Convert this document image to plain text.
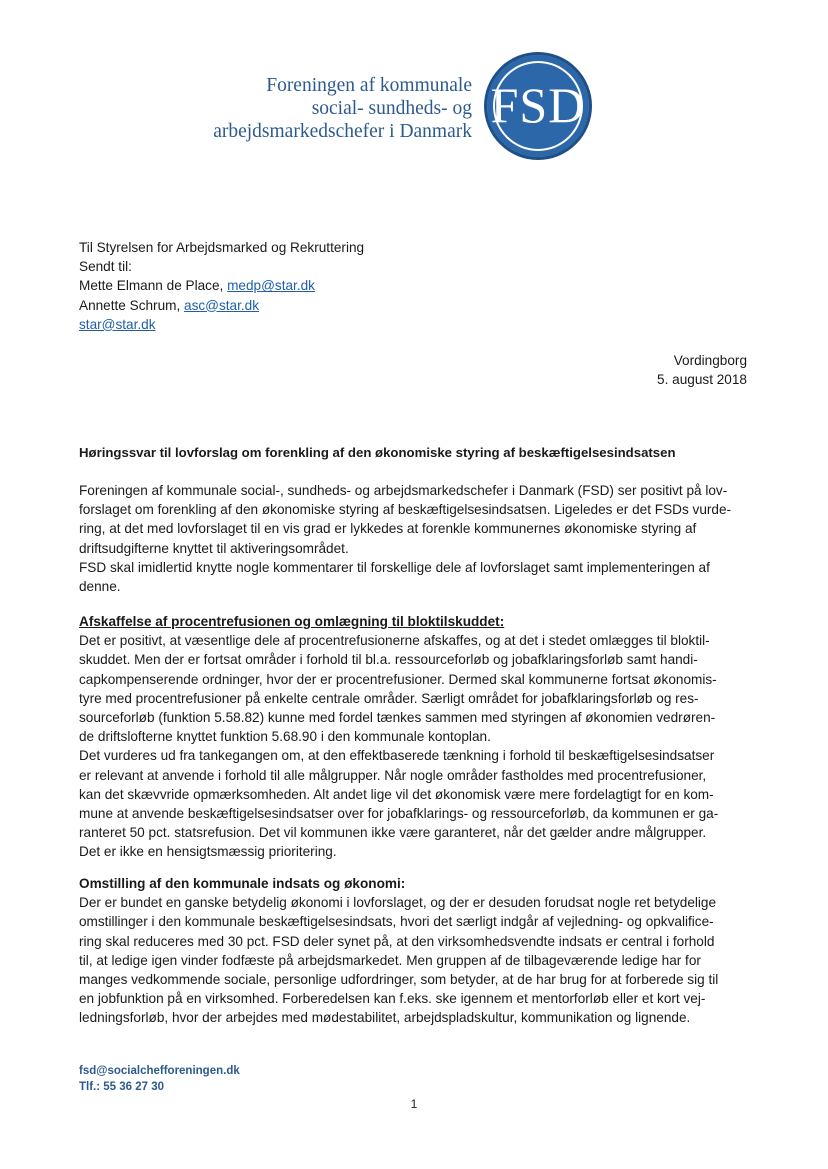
Foreningen af kommunale
social- sundheds- og
arbejdsmarkedschefer i Danmark FSD
Til Styrelsen for Arbejdsmarked og Rekruttering
Sendt til:
Mette Elmann de Place, medp@star.dk
Annette Schrum, asc@star.dk
star@star.dk
Vordingborg
5. august 2018
Høringssvar til lovforslag om forenkling af den økonomiske styring af beskæftigelsesindsatsen
Foreningen af kommunale social-, sundheds- og arbejdsmarkedschefer i Danmark (FSD) ser positivt på lov-
forslaget om forenkling af den økonomiske styring af beskæftigelsesindsatsen. Ligeledes er det FSDs vurde-
ring, at det med lovforslaget til en vis grad er lykkedes at forenkle kommunernes økonomiske styring af
driftsudgifterne knyttet til aktiveringsområdet.
FSD skal imidlertid knytte nogle kommentarer til forskellige dele af lovforslaget samt implementeringen af
denne.
Afskaffelse af procentrefusionen og omlægning til bloktilskuddet:
Det er positivt, at væsentlige dele af procentrefusionerne afskaffes, og at det i stedet omlægges til bloktil-
skuddet. Men der er fortsat områder i forhold til bl.a. ressourceforløb og jobafklaringsforløb samt handi-
capkompenserende ordninger, hvor der er procentrefusioner. Dermed skal kommunerne fortsat økonomis-
tyre med procentrefusioner på enkelte centrale områder. Særligt området for jobafklaringsforløb og res-
sourceforløb (funktion 5.58.82) kunne med fordel tænkes sammen med styringen af økonomien vedrøren-
de driftslofterne knyttet funktion 5.68.90 i den kommunale kontoplan.
Det vurderes ud fra tankegangen om, at den effektbaserede tænkning i forhold til beskæftigelsesindsatser
er relevant at anvende i forhold til alle målgrupper. Når nogle områder fastholdes med procentrefusioner,
kan det skævvride opmærksomheden. Alt andet lige vil det økonomisk være mere fordelagtigt for en kom-
mune at anvende beskæftigelsesindsatser over for jobafklarings- og ressourceforløb, da kommunen er ga-
ranteret 50 pct. statsrefusion. Det vil kommunen ikke være garanteret, når det gælder andre målgrupper.
Det er ikke en hensigtsmæssig prioritering.
Omstilling af den kommunale indsats og økonomi:
Der er bundet en ganske betydelig økonomi i lovforslaget, og der er desuden forudsat nogle ret betydelige
omstillinger i den kommunale beskæftigelsesindsats, hvori det særligt indgår af vejledning- og opkvalifice-
ring skal reduceres med 30 pct. FSD deler synet på, at den virksomhedsvendte indsats er central i forhold
til, at ledige igen vinder fodfæste på arbejdsmarkedet. Men gruppen af de tilbageværende ledige har for
manges vedkommende sociale, personlige udfordringer, som betyder, at de har brug for at forberede sig til
en jobfunktion på en virksomhed. Forberedelsen kan f.eks. ske igennem et mentorforløb eller et kort vej-
ledningsforløb, hvor der arbejdes med mødestabilitet, arbejdspladskultur, kommunikation og lignende.
fsd@socialchefforeningen.dk
Tlf.: 55 36 27 30
1
